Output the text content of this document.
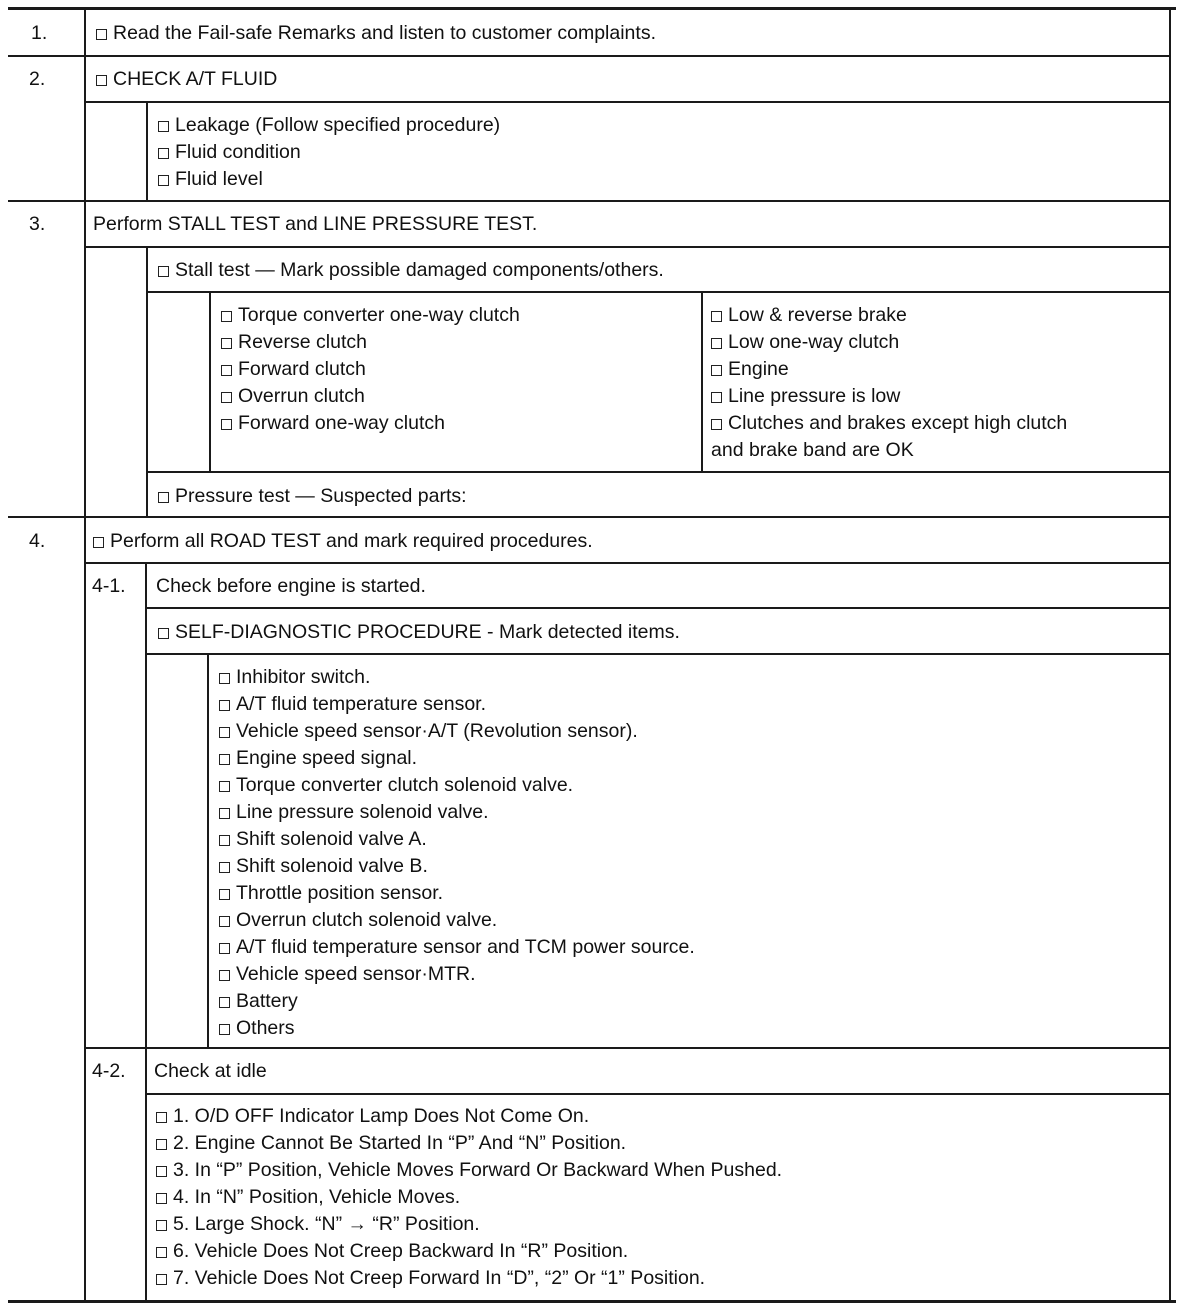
1.
2.
3.
4.
4-1.
4-2.
Read the Fail-safe Remarks and listen to customer complaints.
CHECK A/T FLUID
Leakage (Follow specified procedure)
Fluid condition
Fluid level
Perform STALL TEST and LINE PRESSURE TEST.
Stall test — Mark possible damaged components/others.
Torque converter one-way clutch
Reverse clutch
Forward clutch
Overrun clutch
Forward one-way clutch
Low & reverse brake
Low one-way clutch
Engine
Line pressure is low
Clutches and brakes except high clutch
and brake band are OK
Pressure test — Suspected parts:
Perform all ROAD TEST and mark required procedures.
Check before engine is started.
SELF-DIAGNOSTIC PROCEDURE - Mark detected items.
Inhibitor switch.
A/T fluid temperature sensor.
Vehicle speed sensor·A/T (Revolution sensor).
Engine speed signal.
Torque converter clutch solenoid valve.
Line pressure solenoid valve.
Shift solenoid valve A.
Shift solenoid valve B.
Throttle position sensor.
Overrun clutch solenoid valve.
A/T fluid temperature sensor and TCM power source.
Vehicle speed sensor·MTR.
Battery
Others
Check at idle
1. O/D OFF Indicator Lamp Does Not Come On.
2. Engine Cannot Be Started In “P” And “N” Position.
3. In “P” Position, Vehicle Moves Forward Or Backward When Pushed.
4. In “N” Position, Vehicle Moves.
5. Large Shock. “N” → “R” Position.
6. Vehicle Does Not Creep Backward In “R” Position.
7. Vehicle Does Not Creep Forward In “D”, “2” Or “1” Position.
